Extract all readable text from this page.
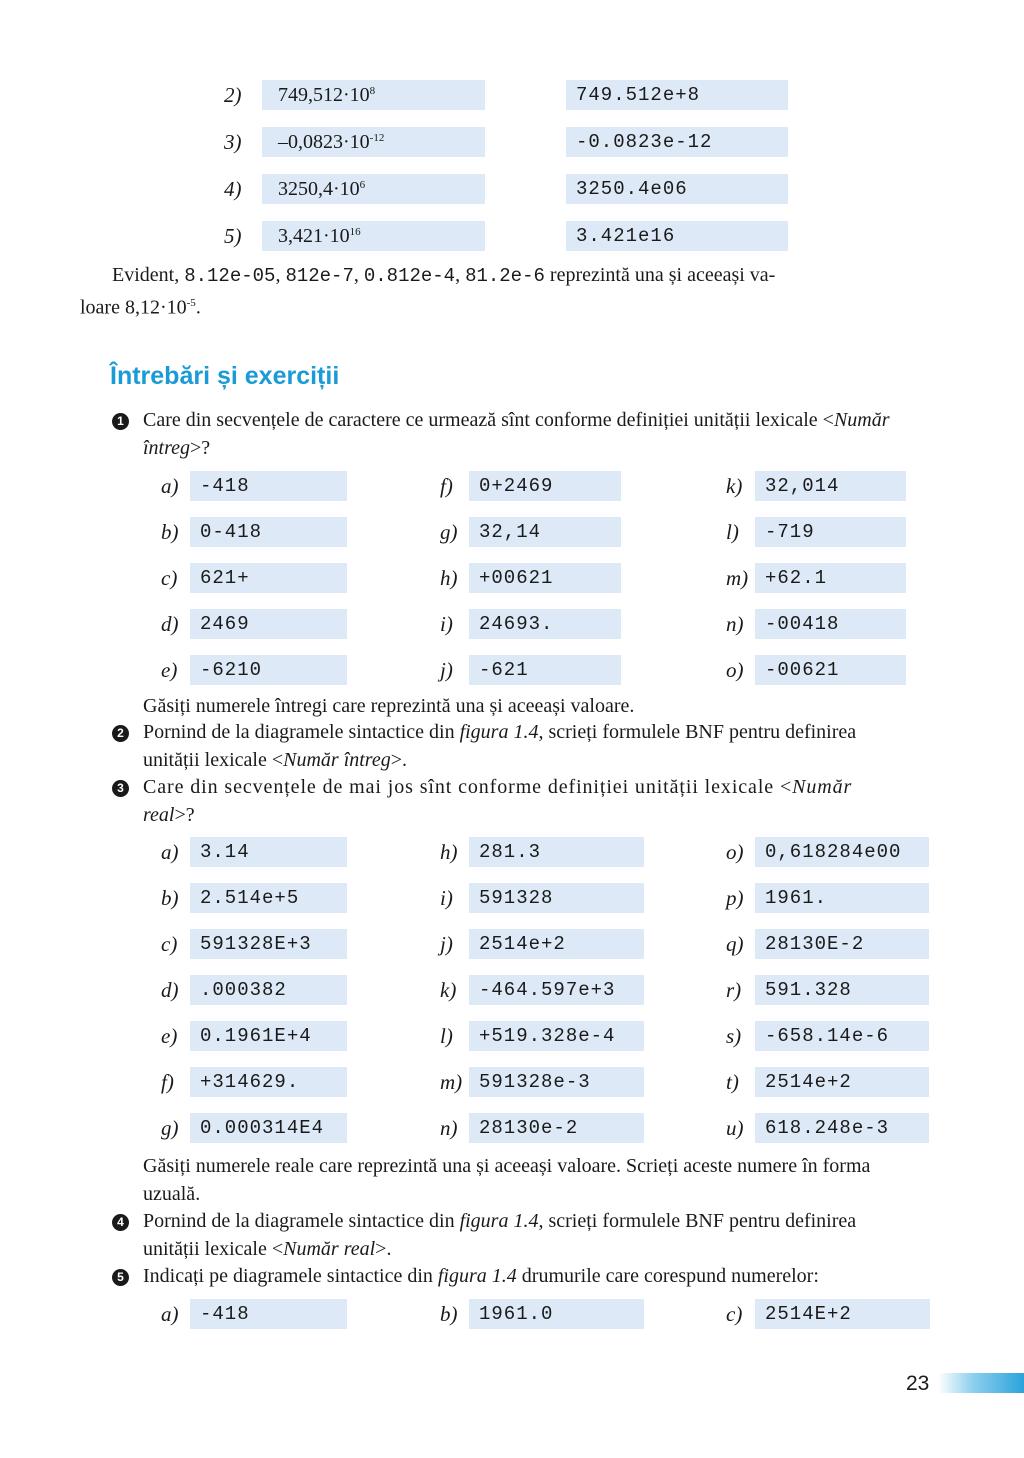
2)	$749,512\cdot 10^8$	749.512e+8
3)	$-0,0823\cdot 10^{-12}$	-0.0823e-12
4)	$3250,4\cdot 10^6$	3250.4e06
5)	$3,421\cdot 10^{16}$	3.421e16
Evident, 8.12e-05, 812e-7, 0.812e-4, 81.2e-6 reprezintă una și aceeași va-
loare $8,12\cdot 10^{-5}$.
Întrebări și exerciții
1 Care din secvențele de caractere ce urmează sînt conforme definiției unității lexicale <Număr
întreg>?
a)	-418
b)	0-418
c)	621+
d)	2469
e)	-6210
f)	0+2469
g)	32,14
h)	+00621
i)	24693.
j)	-621
k)	32,014
l)	-719
m) +62.1
n)	-00418
o)	-00621
Găsiți numerele întregi care reprezintă una și aceeași valoare.
2 Pornind de la diagramele sintactice din figura 1.4, scrieți formulele BNF pentru definirea
unității lexicale <Număr întreg>.
3 Care din secvențele de mai jos sînt conforme definiției unității lexicale <Număr
real>?
a)	3.14
b)	2.514e+5
c)	591328E+3
d)	.000382
e)	0.1961E+4
f)	+314629.
g)	0.000314E4
h)	281.3
i)	591328
j)	2514e+2
k)	-464.597e+3
l)	+519.328e-4
m) 591328e-3
n)	28130e-2
o)	0,618284e00
p)	1961.
q)	28130E-2
r)	591.328
s)	-658.14e-6
t)	2514e+2
u)	618.248e-3
Găsiți numerele reale care reprezintă una și aceeași valoare. Scrieți aceste numere în forma
uzuală.
4 Pornind de la diagramele sintactice din figura 1.4, scrieți formulele BNF pentru definirea
unității lexicale <Număr real>.
5 Indicați pe diagramele sintactice din figura 1.4 drumurile care corespund numerelor:
a)	-418	b)	1961.0	c)	2514E+2
23
